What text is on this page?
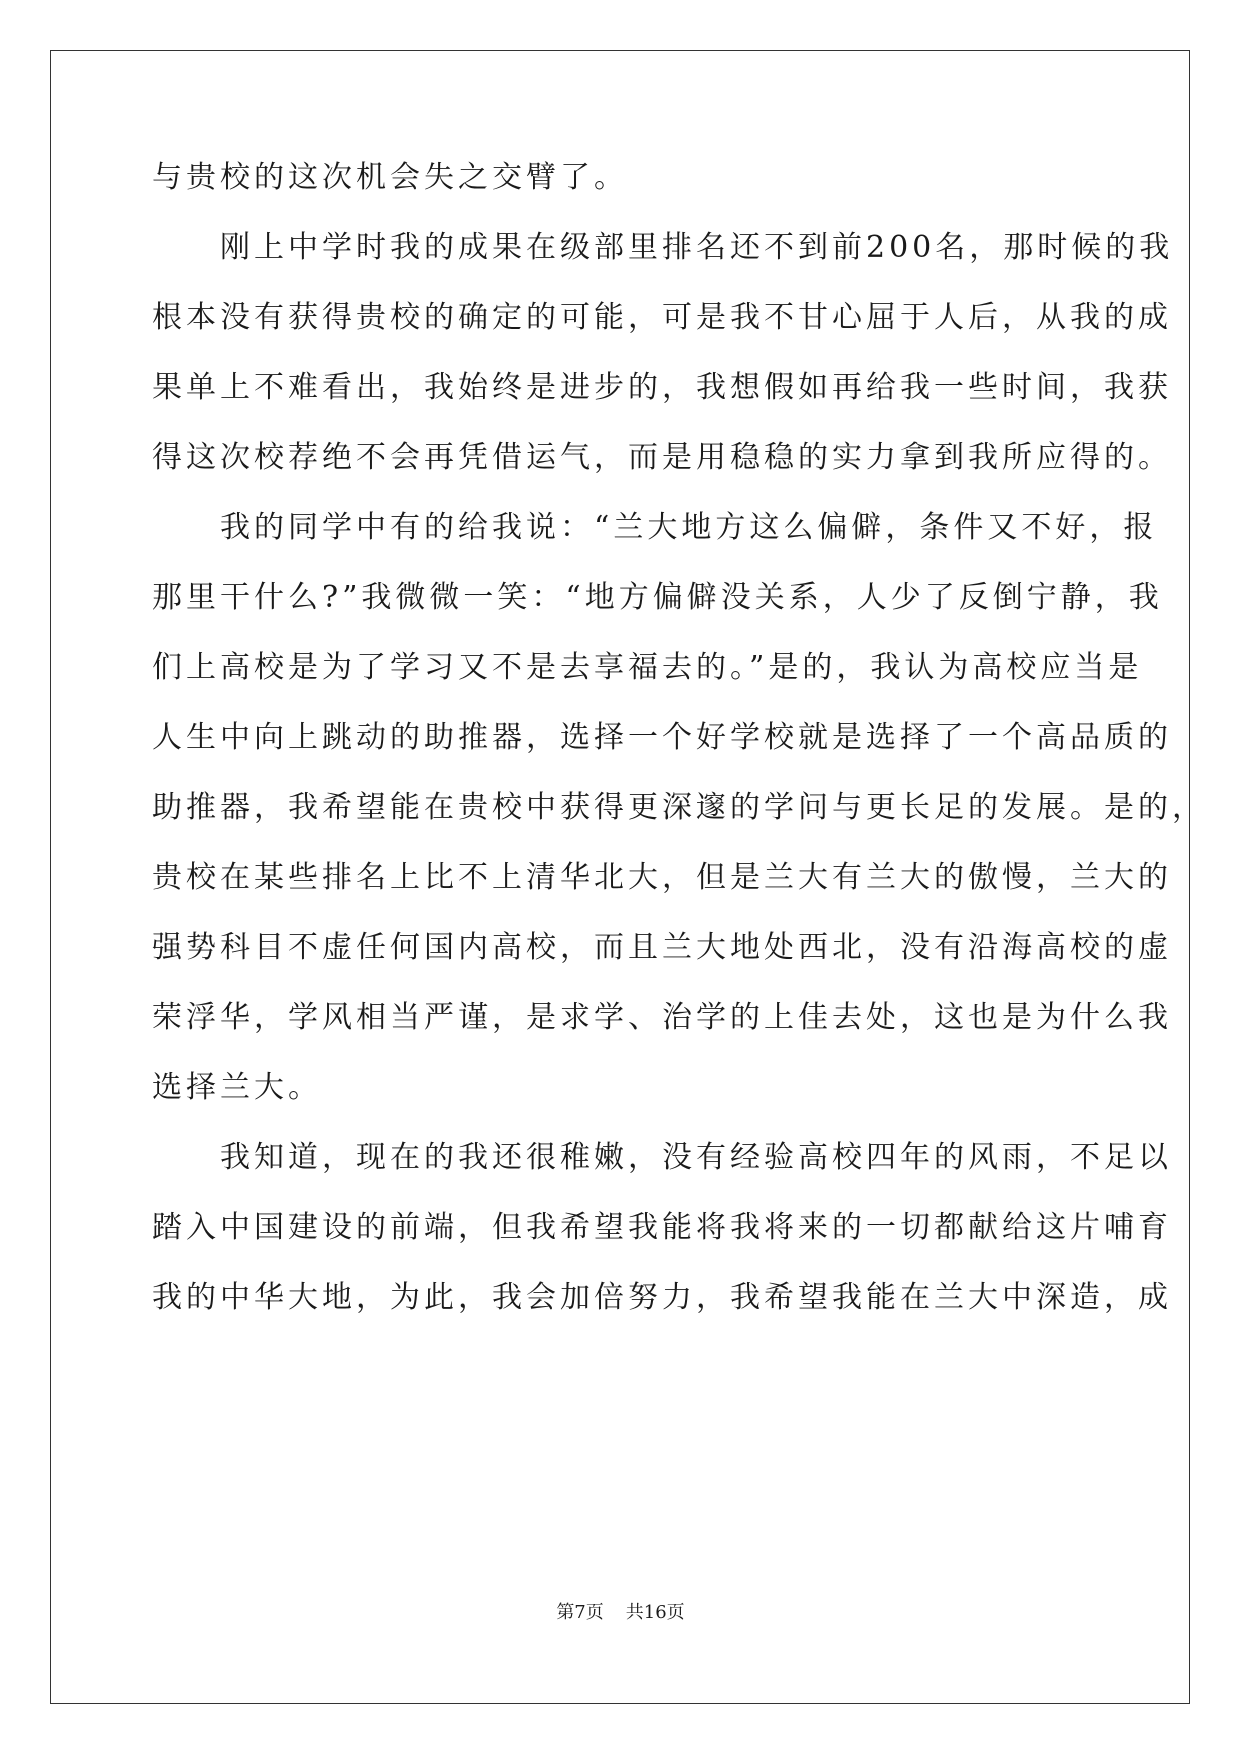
与贵校的这次机会失之交臂了。

　　刚上中学时我的成果在级部里排名还不到前200名，那时候的我

根本没有获得贵校的确定的可能，可是我不甘心屈于人后，从我的成

果单上不难看出，我始终是进步的，我想假如再给我一些时间，我获

得这次校荐绝不会再凭借运气，而是用稳稳的实力拿到我所应得的。

　　我的同学中有的给我说：“兰大地方这么偏僻，条件又不好，报

那里干什么?”我微微一笑：“地方偏僻没关系，人少了反倒宁静，我

们上高校是为了学习又不是去享福去的。”是的，我认为高校应当是

人生中向上跳动的助推器，选择一个好学校就是选择了一个高品质的

助推器，我希望能在贵校中获得更深邃的学问与更长足的发展。是的，

贵校在某些排名上比不上清华北大，但是兰大有兰大的傲慢，兰大的

强势科目不虚任何国内高校，而且兰大地处西北，没有沿海高校的虚

荣浮华，学风相当严谨，是求学、治学的上佳去处，这也是为什么我

选择兰大。

　　我知道，现在的我还很稚嫩，没有经验高校四年的风雨，不足以

踏入中国建设的前端，但我希望我能将我将来的一切都献给这片哺育

我的中华大地，为此，我会加倍努力，我希望我能在兰大中深造，成

第7页 共16页
